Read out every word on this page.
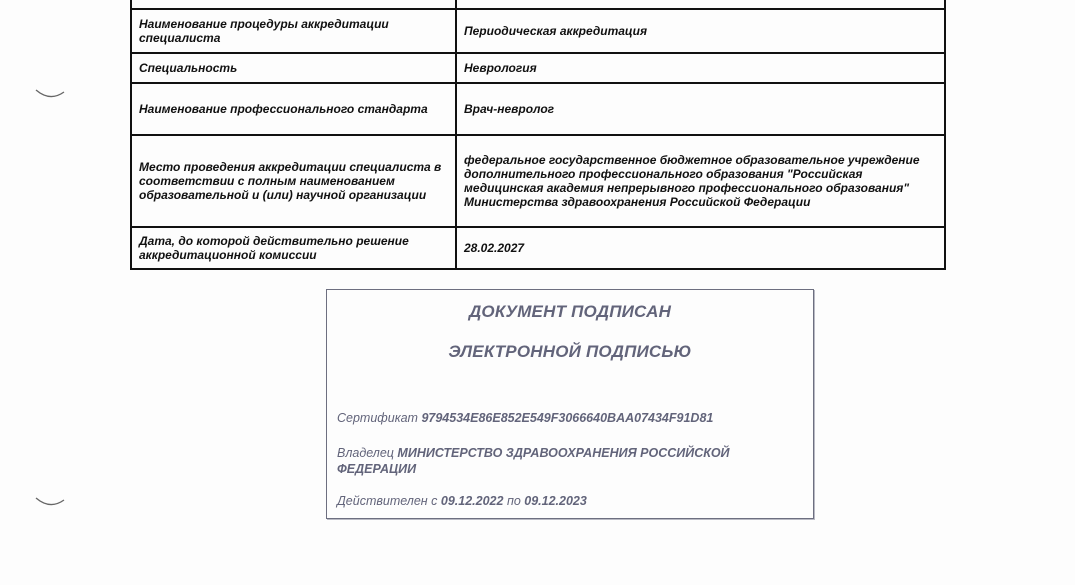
Наименование процедуры аккредитации специалиста	Периодическая аккредитация
Специальность	Неврология
Наименование профессионального стандарта	Врач-невролог
Место проведения аккредитации специалиста в соответствии с полным наименованием образовательной и (или) научной организации	федеральное государственное бюджетное образовательное учреждение дополнительного профессионального образования "Российская медицинская академия непрерывного профессионального образования" Министерства здравоохранения Российской Федерации
Дата, до которой действительно решение аккредитационной комиссии	28.02.2027
ДОКУМЕНТ ПОДПИСАН
ЭЛЕКТРОННОЙ ПОДПИСЬЮ
Сертификат 9794534E86E852E549F3066640BAA07434F91D81
Владелец МИНИСТЕРСТВО ЗДРАВООХРАНЕНИЯ РОССИЙСКОЙ ФЕДЕРАЦИИ
Действителен с 09.12.2022 по 09.12.2023
